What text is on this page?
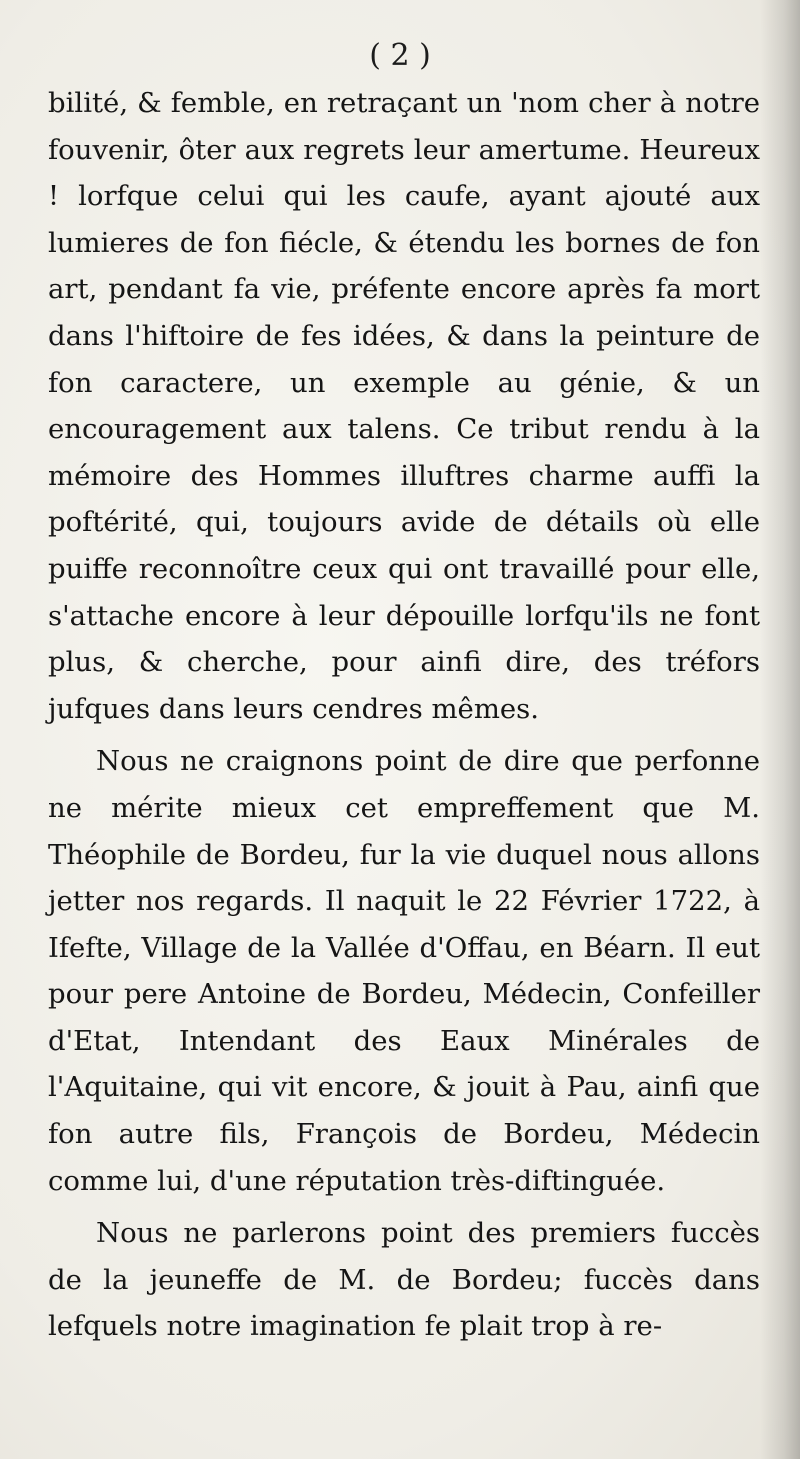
( 2 )

bilité, & femble, en retraçant un 'nom cher à notre fouvenir, ôter aux regrets leur amertume. Heureux ! lorfque celui qui les caufe, ayant ajouté aux lumieres de fon fiécle, & étendu les bornes de fon art, pendant fa vie, préfente encore après fa mort dans l'hiftoire de fes idées, & dans la peinture de fon caractere, un exemple au génie, & un encouragement aux talens. Ce tribut rendu à la mémoire des Hommes illuftres charme auffi la poftérité, qui, toujours avide de détails où elle puiffe reconnoître ceux qui ont travaillé pour elle, s'attache encore à leur dépouille lorfqu'ils ne font plus, & cherche, pour ainfi dire, des tréfors jufques dans leurs cendres mêmes.

Nous ne craignons point de dire que perfonne ne mérite mieux cet empreffement que M. Théophile de Bordeu, fur la vie duquel nous allons jetter nos regards. Il naquit le 22 Février 1722, à Ifefte, Village de la Vallée d'Offau, en Béarn. Il eut pour pere Antoine de Bordeu, Médecin, Confeiller d'Etat, Intendant des Eaux Minérales de l'Aquitaine, qui vit encore, & jouit à Pau, ainfi que fon autre fils, François de Bordeu, Médecin comme lui, d'une réputation très-diftinguée.

Nous ne parlerons point des premiers fuccès de la jeuneffe de M. de Bordeu; fuccès dans lefquels notre imagination fe plait trop à re-
